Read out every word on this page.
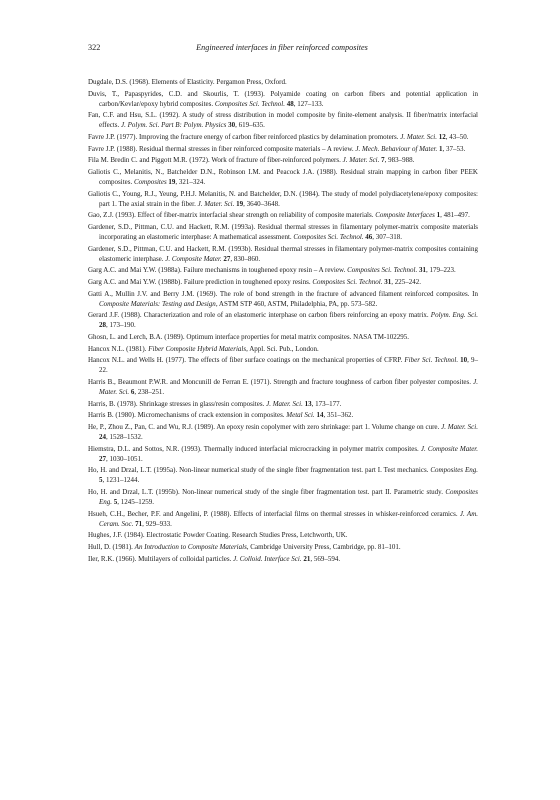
322	Engineered interfaces in fiber reinforced composites

Dugdale, D.S. (1968). Elements of Elasticity. Pergamon Press, Oxford.

Duvis, T., Papaspyrides, C.D. and Skourlis, T. (1993). Polyamide coating on carbon fibers and potential application in carbon/Kevlar/epoxy hybrid composites. Composites Sci. Technol. 48, 127–133.

Fan, C.F. and Hsu, S.L. (1992). A study of stress distribution in model composite by finite-element analysis. II fiber/matrix interfacial effects. J. Polym. Sci. Part B: Polym. Physics 30, 619–635.

Favre J.P. (1977). Improving the fracture energy of carbon fiber reinforced plastics by delamination promoters. J. Mater. Sci. 12, 43–50.

Favre J.P. (1988). Residual thermal stresses in fiber reinforced composite materials – A review. J. Mech. Behaviour of Mater. 1, 37–53.

Fila M. Bredin C. and Piggott M.R. (1972). Work of fracture of fiber-reinforced polymers. J. Mater. Sci. 7, 983–988.

Galiotis C., Melanitis, N., Batchelder D.N., Robinson I.M. and Peacock J.A. (1988). Residual strain mapping in carbon fiber PEEK composites. Composites 19, 321–324.

Galiotis C., Young, R.J., Yeung, P.H.J. Melanitis, N. and Batchelder, D.N. (1984). The study of model polydiacetylene/epoxy composites: part 1. The axial strain in the fiber. J. Mater. Sci. 19, 3640–3648.

Gao, Z.J. (1993). Effect of fiber-matrix interfacial shear strength on reliability of composite materials. Composite Interfaces 1, 481–497.

Gardener, S.D., Pittman, C.U. and Hackett, R.M. (1993a). Residual thermal stresses in filamentary polymer-matrix composite materials incorporating an elastomeric interphase: A mathematical assessment. Composites Sci. Technol. 46, 307–318.

Gardener, S.D., Pittman, C.U. and Hackett, R.M. (1993b). Residual thermal stresses in filamentary polymer-matrix composites containing elastomeric interphase. J. Composite Mater. 27, 830–860.

Garg A.C. and Mai Y.W. (1988a). Failure mechanisms in toughened epoxy resin – A review. Composites Sci. Technol. 31, 179–223.

Garg A.C. and Mai Y.W. (1988b). Failure prediction in toughened epoxy resins. Composites Sci. Technol. 31, 225–242.

Gatti A., Mullin J.V. and Berry J.M. (1969). The role of bond strength in the fracture of advanced filament reinforced composites. In Composite Materials: Testing and Design, ASTM STP 460, ASTM, Philadelphia, PA, pp. 573–582.

Gerard J.F. (1988). Characterization and role of an elastomeric interphase on carbon fibers reinforcing an epoxy matrix. Polym. Eng. Sci. 28, 173–190.

Ghosn, L. and Lerch, B.A. (1989). Optimum interface properties for metal matrix composites. NASA TM-102295.

Hancox N.L. (1981). Fiber Composite Hybrid Materials, Appl. Sci. Pub., London.

Hancox N.L. and Wells H. (1977). The effects of fiber surface coatings on the mechanical properties of CFRP. Fiber Sci. Technol. 10, 9–22.

Harris B., Beaumont P.W.R. and Moncunill de Ferran E. (1971). Strength and fracture toughness of carbon fiber polyester composites. J. Mater. Sci. 6, 238–251.

Harris, B. (1978). Shrinkage stresses in glass/resin composites. J. Mater. Sci. 13, 173–177.

Harris B. (1980). Micromechanisms of crack extension in composites. Metal Sci. 14, 351–362.

He, P., Zhou Z., Pan, C. and Wu, R.J. (1989). An epoxy resin copolymer with zero shrinkage: part 1. Volume change on cure. J. Mater. Sci. 24, 1528–1532.

Hiemstra, D.L. and Sottos, N.R. (1993). Thermally induced interfacial microcracking in polymer matrix composites. J. Composite Mater. 27, 1030–1051.

Ho, H. and Drzal, L.T. (1995a). Non-linear numerical study of the single fiber fragmentation test. part I. Test mechanics. Composites Eng. 5, 1231–1244.

Ho, H. and Drzal, L.T. (1995b). Non-linear numerical study of the single fiber fragmentation test. part II. Parametric study. Composites Eng. 5, 1245–1259.

Hsueh, C.H., Becher, P.F. and Angelini, P. (1988). Effects of interfacial films on thermal stresses in whisker-reinforced ceramics. J. Am. Ceram. Soc. 71, 929–933.

Hughes, J.F. (1984). Electrostatic Powder Coating. Research Studies Press, Letchworth, UK.

Hull, D. (1981). An Introduction to Composite Materials, Cambridge University Press, Cambridge, pp. 81–101.

Iler, R.K. (1966). Multilayers of colloidal particles. J. Colloid. Interface Sci. 21, 569–594.
